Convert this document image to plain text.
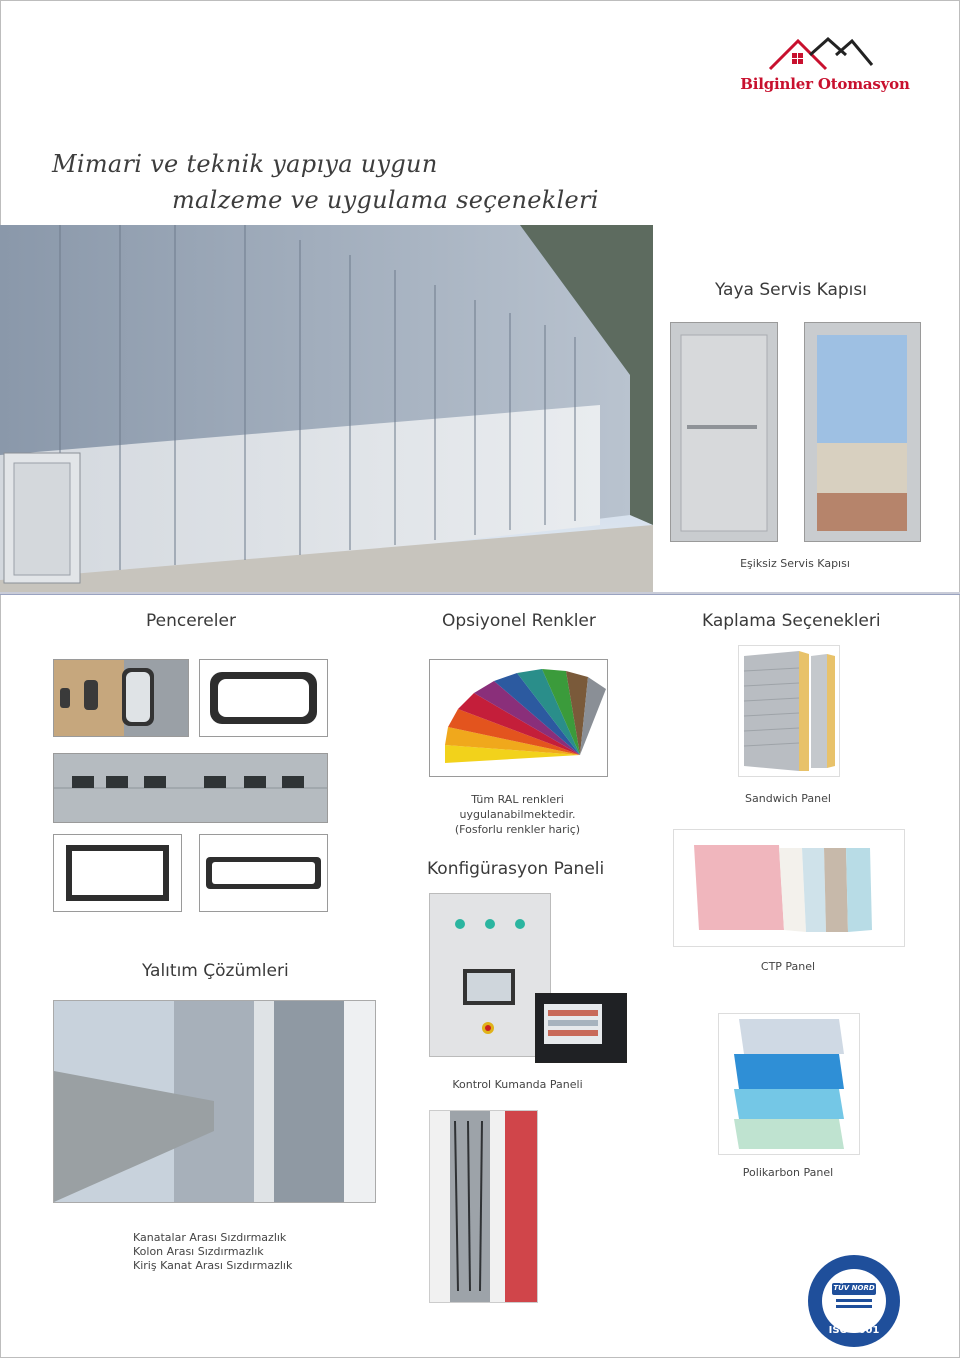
Bilginler Otomasyon
Mimari ve teknik yapıya uygun
malzeme ve uygulama seçenekleri
Yaya Servis Kapısı
Eşiksiz Servis Kapısı
Pencereler	Opsiyonel Renkler
Tüm RAL renkleri
uygulanabilmektedir.
(Fosforlu renkler hariç)
Konfigürasyon Paneli
Kontrol Kumanda Paneli
Kaplama Seçenekleri
Sandwich Panel
CTP Panel
Polikarbon Panel
Yalıtım Çözümleri
Kanatalar Arası Sızdırmazlık
Kolon Arası Sızdırmazlık
Kiriş Kanat Arası Sızdırmazlık
TÜV NORD
ISO 9001
